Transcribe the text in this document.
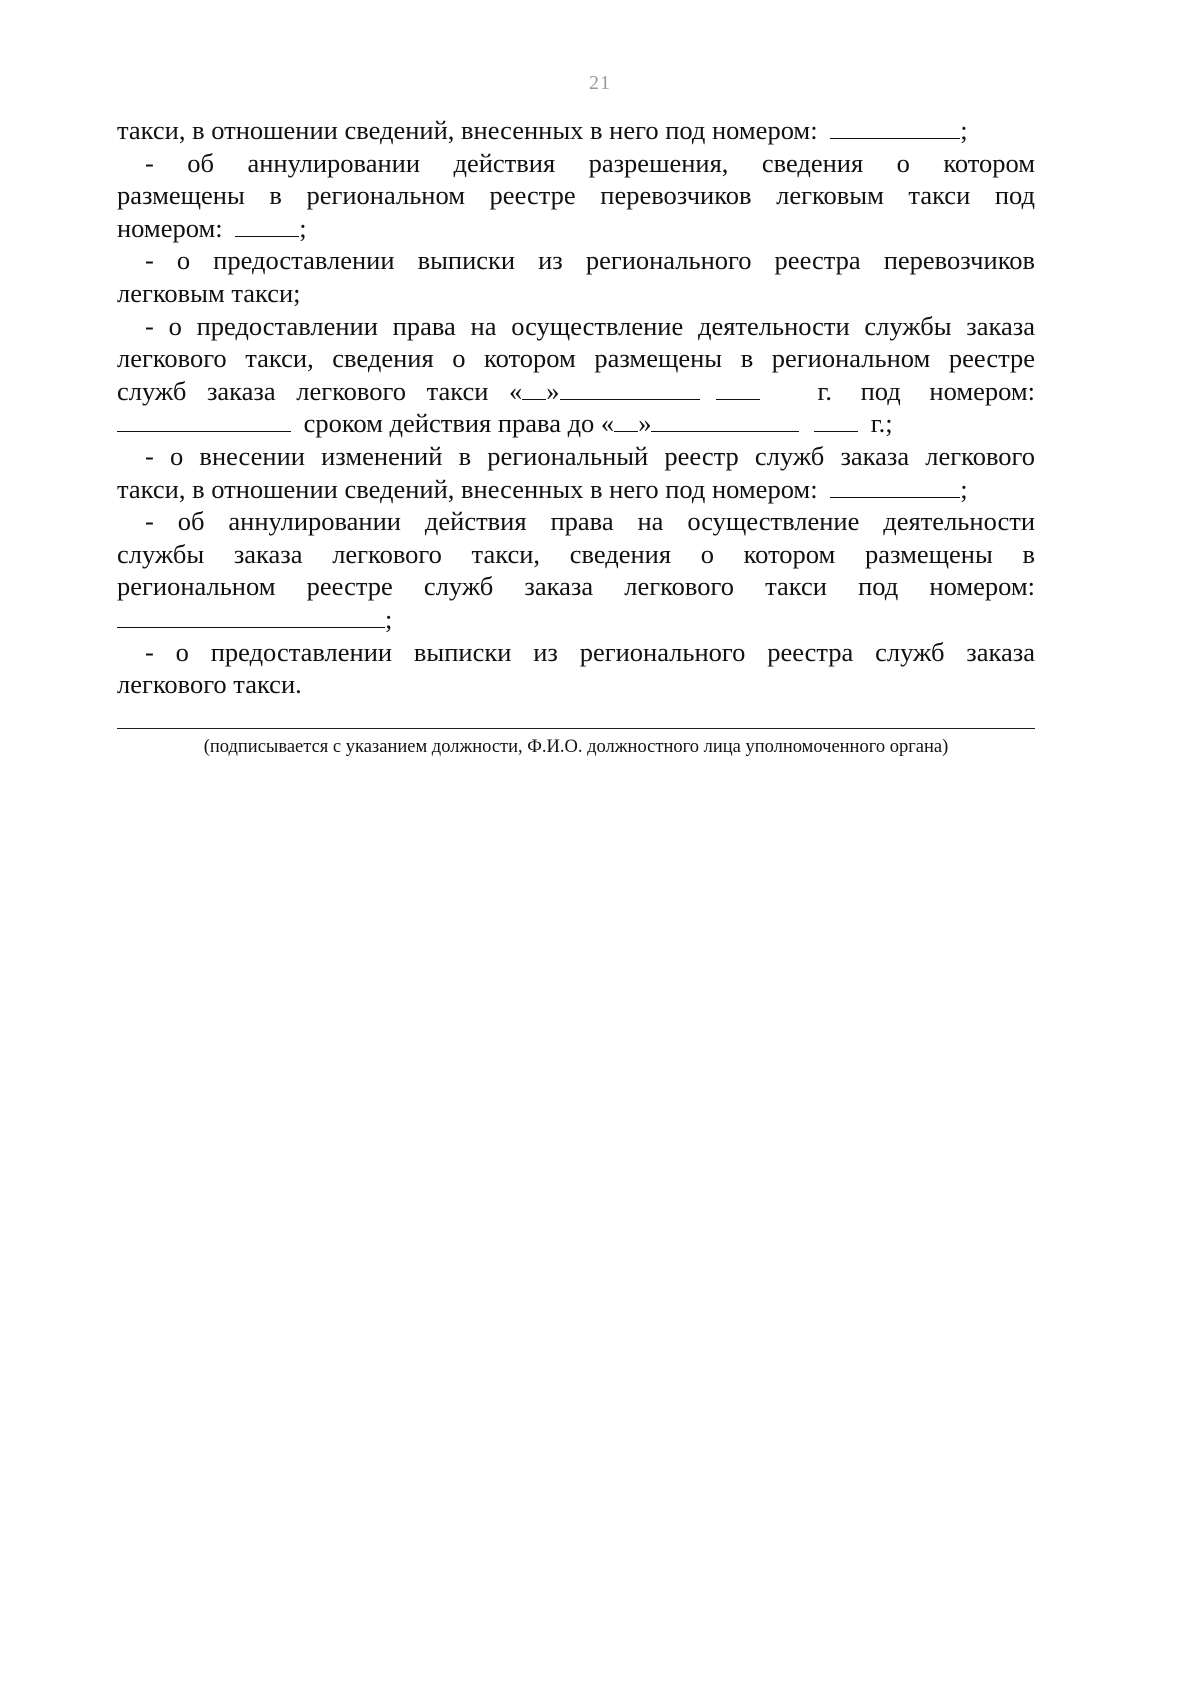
21
такси, в отношении сведений, внесенных в него под номером:	;
- об аннулировании действия разрешения, сведения о котором
размещены в региональном реестре перевозчиков легковым такси под
номером:	;
- о предоставлении выписки из регионального реестра перевозчиков
легковым такси;
- о предоставлении права на осуществление деятельности службы заказа
легкового такси, сведения о котором размещены в региональном реестре
служб заказа легкового такси « »	г. под номером:
сроком действия права до « »	г.;
- о внесении изменений в региональный реестр служб заказа легкового
такси, в отношении сведений, внесенных в него под номером:	;
- об аннулировании действия права на осуществление деятельности
службы заказа легкового такси, сведения о котором размещены в
региональном реестре служб заказа легкового такси под номером:
;
- о предоставлении выписки из регионального реестра служб заказа
легкового такси.
(подписывается с указанием должности, Ф.И.О. должностного лица уполномоченного органа)
